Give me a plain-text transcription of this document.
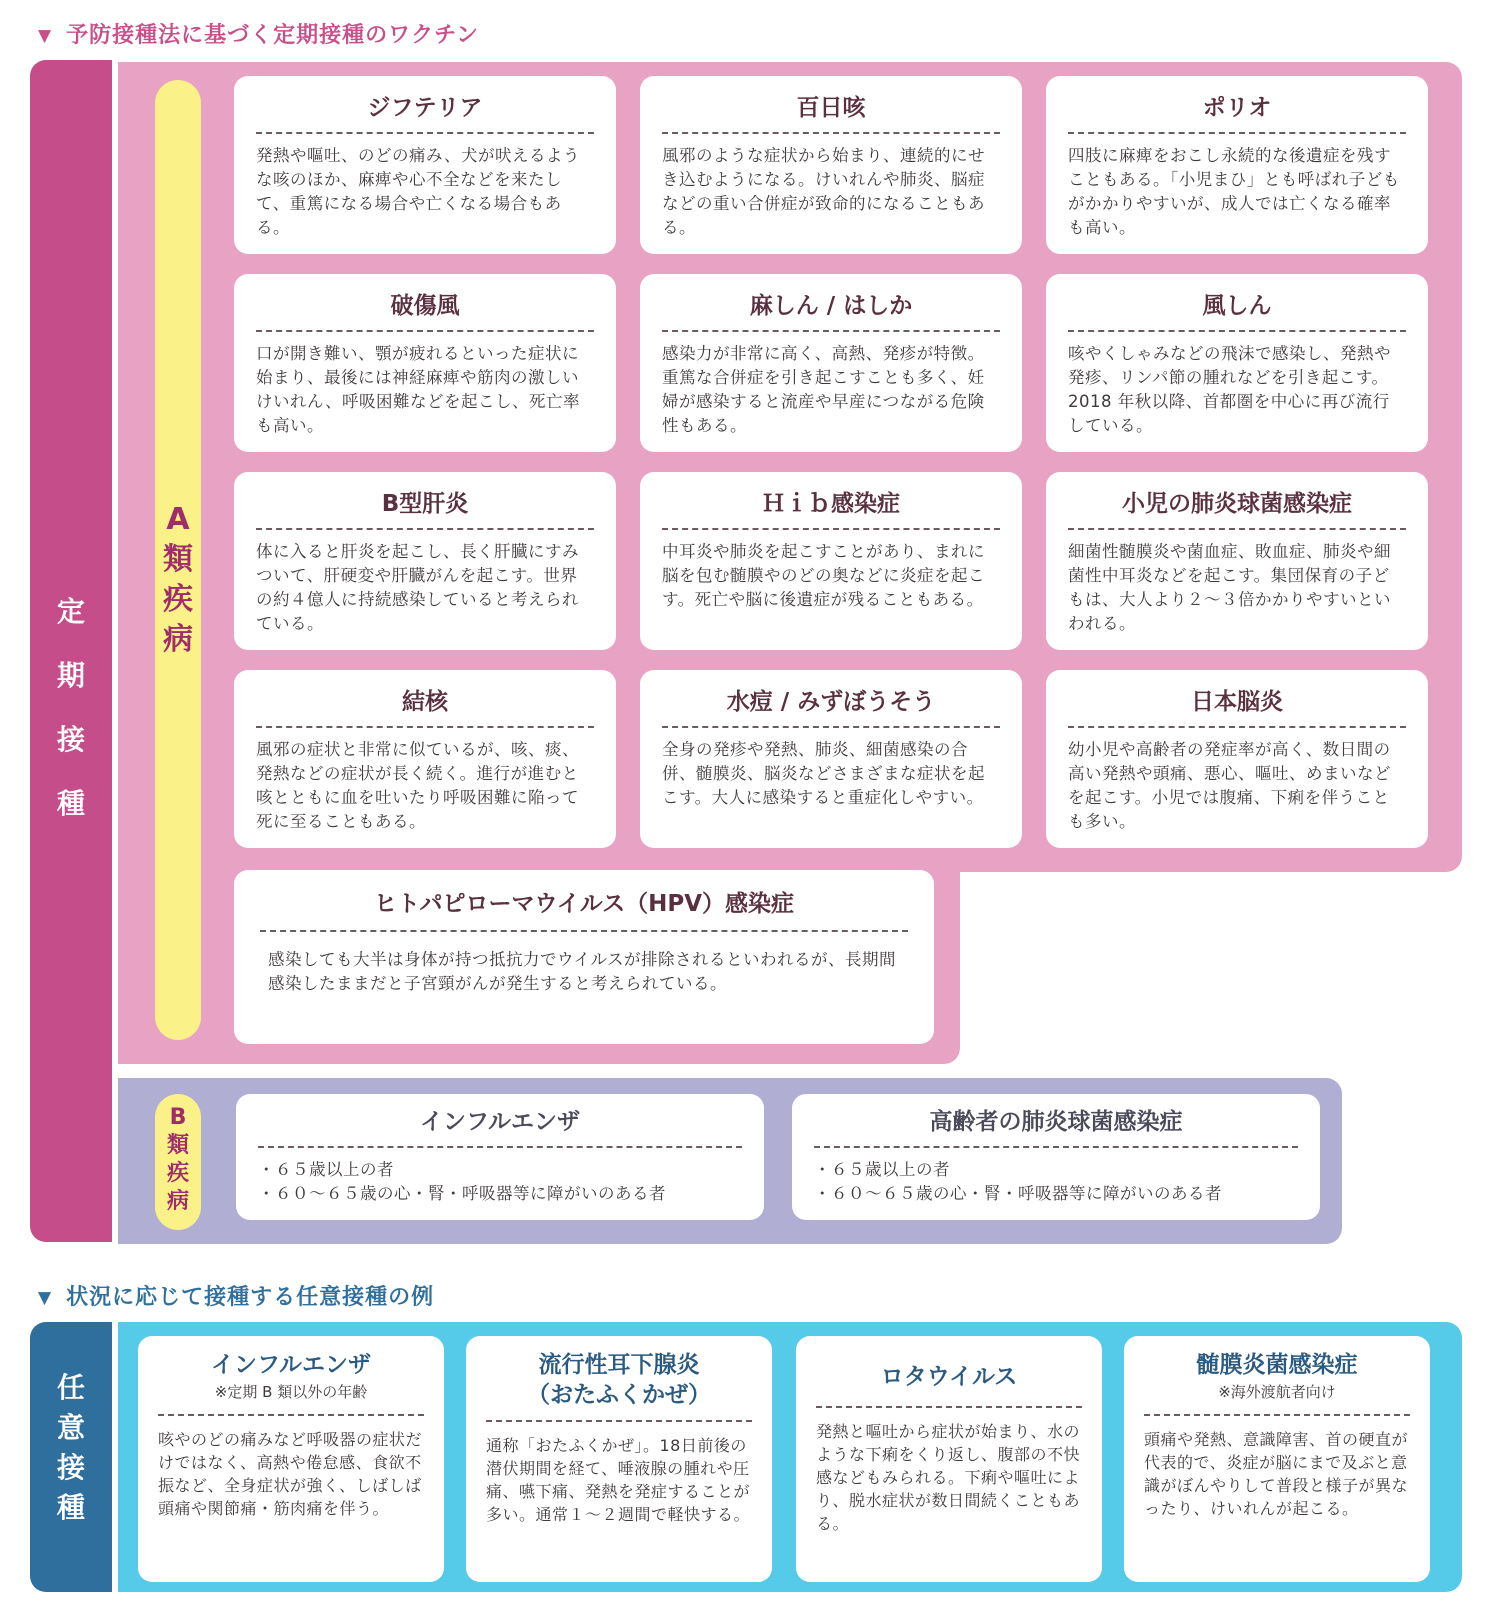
▼ 予防接種法に基づく定期接種のワクチン
定
期
接
種
A
類
疾
病
ジフテリア
発熱や嘔吐、のどの痛み、犬が吠えるような咳のほか、麻痺や心不全などを来たして、重篤になる場合や亡くなる場合もある。
百日咳
風邪のような症状から始まり、連続的にせき込むようになる。けいれんや肺炎、脳症などの重い合併症が致命的になることもある。
ポリオ
四肢に麻痺をおこし永続的な後遺症を残すこともある。「小児まひ」とも呼ばれ子どもがかかりやすいが、成人では亡くなる確率も高い。
破傷風
口が開き難い、顎が疲れるといった症状に始まり、最後には神経麻痺や筋肉の激しいけいれん、呼吸困難などを起こし、死亡率も高い。
麻しん / はしか
感染力が非常に高く、高熱、発疹が特徴。重篤な合併症を引き起こすことも多く、妊婦が感染すると流産や早産につながる危険性もある。
風しん
咳やくしゃみなどの飛沫で感染し、発熱や発疹、リンパ節の腫れなどを引き起こす。2018 年秋以降、首都圏を中心に再び流行している。
B型肝炎
体に入ると肝炎を起こし、長く肝臓にすみついて、肝硬変や肝臓がんを起こす。世界の約４億人に持続感染していると考えられている。
Ｈｉｂ感染症
中耳炎や肺炎を起こすことがあり、まれに脳を包む髄膜やのどの奥などに炎症を起こす。死亡や脳に後遺症が残ることもある。
小児の肺炎球菌感染症
細菌性髄膜炎や菌血症、敗血症、肺炎や細菌性中耳炎などを起こす。集団保育の子どもは、大人より２～３倍かかりやすいといわれる。
結核
風邪の症状と非常に似ているが、咳、痰、発熱などの症状が長く続く。進行が進むと咳とともに血を吐いたり呼吸困難に陥って死に至ることもある。
水痘 / みずぼうそう
全身の発疹や発熱、肺炎、細菌感染の合併、髄膜炎、脳炎などさまざまな症状を起こす。大人に感染すると重症化しやすい。
日本脳炎
幼小児や高齢者の発症率が高く、数日間の高い発熱や頭痛、悪心、嘔吐、めまいなどを起こす。小児では腹痛、下痢を伴うことも多い。
ヒトパピローマウイルス（HPV）感染症
感染しても大半は身体が持つ抵抗力でウイルスが排除されるといわれるが、長期間感染したままだと子宮頸がんが発生すると考えられている。
B
類
疾
病
インフルエンザ
・６５歳以上の者
・６０～６５歳の心・腎・呼吸器等に障がいのある者
高齢者の肺炎球菌感染症
・６５歳以上の者
・６０～６５歳の心・腎・呼吸器等に障がいのある者
▼ 状況に応じて接種する任意接種の例
任
意
接
種
インフルエンザ
※定期 B 類以外の年齢
咳やのどの痛みなど呼吸器の症状だけではなく、高熱や倦怠感、食欲不振など、全身症状が強く、しばしば頭痛や関節痛・筋肉痛を伴う。
流行性耳下腺炎
（おたふくかぜ）
通称「おたふくかぜ」。18日前後の潜伏期間を経て、唾液腺の腫れや圧痛、嚥下痛、発熱を発症することが多い。通常１～２週間で軽快する。
ロタウイルス
発熱と嘔吐から症状が始まり、水のような下痢をくり返し、腹部の不快感などもみられる。下痢や嘔吐により、脱水症状が数日間続くこともある。
髄膜炎菌感染症
※海外渡航者向け
頭痛や発熱、意識障害、首の硬直が代表的で、炎症が脳にまで及ぶと意識がぼんやりして普段と様子が異なったり、けいれんが起こる。
